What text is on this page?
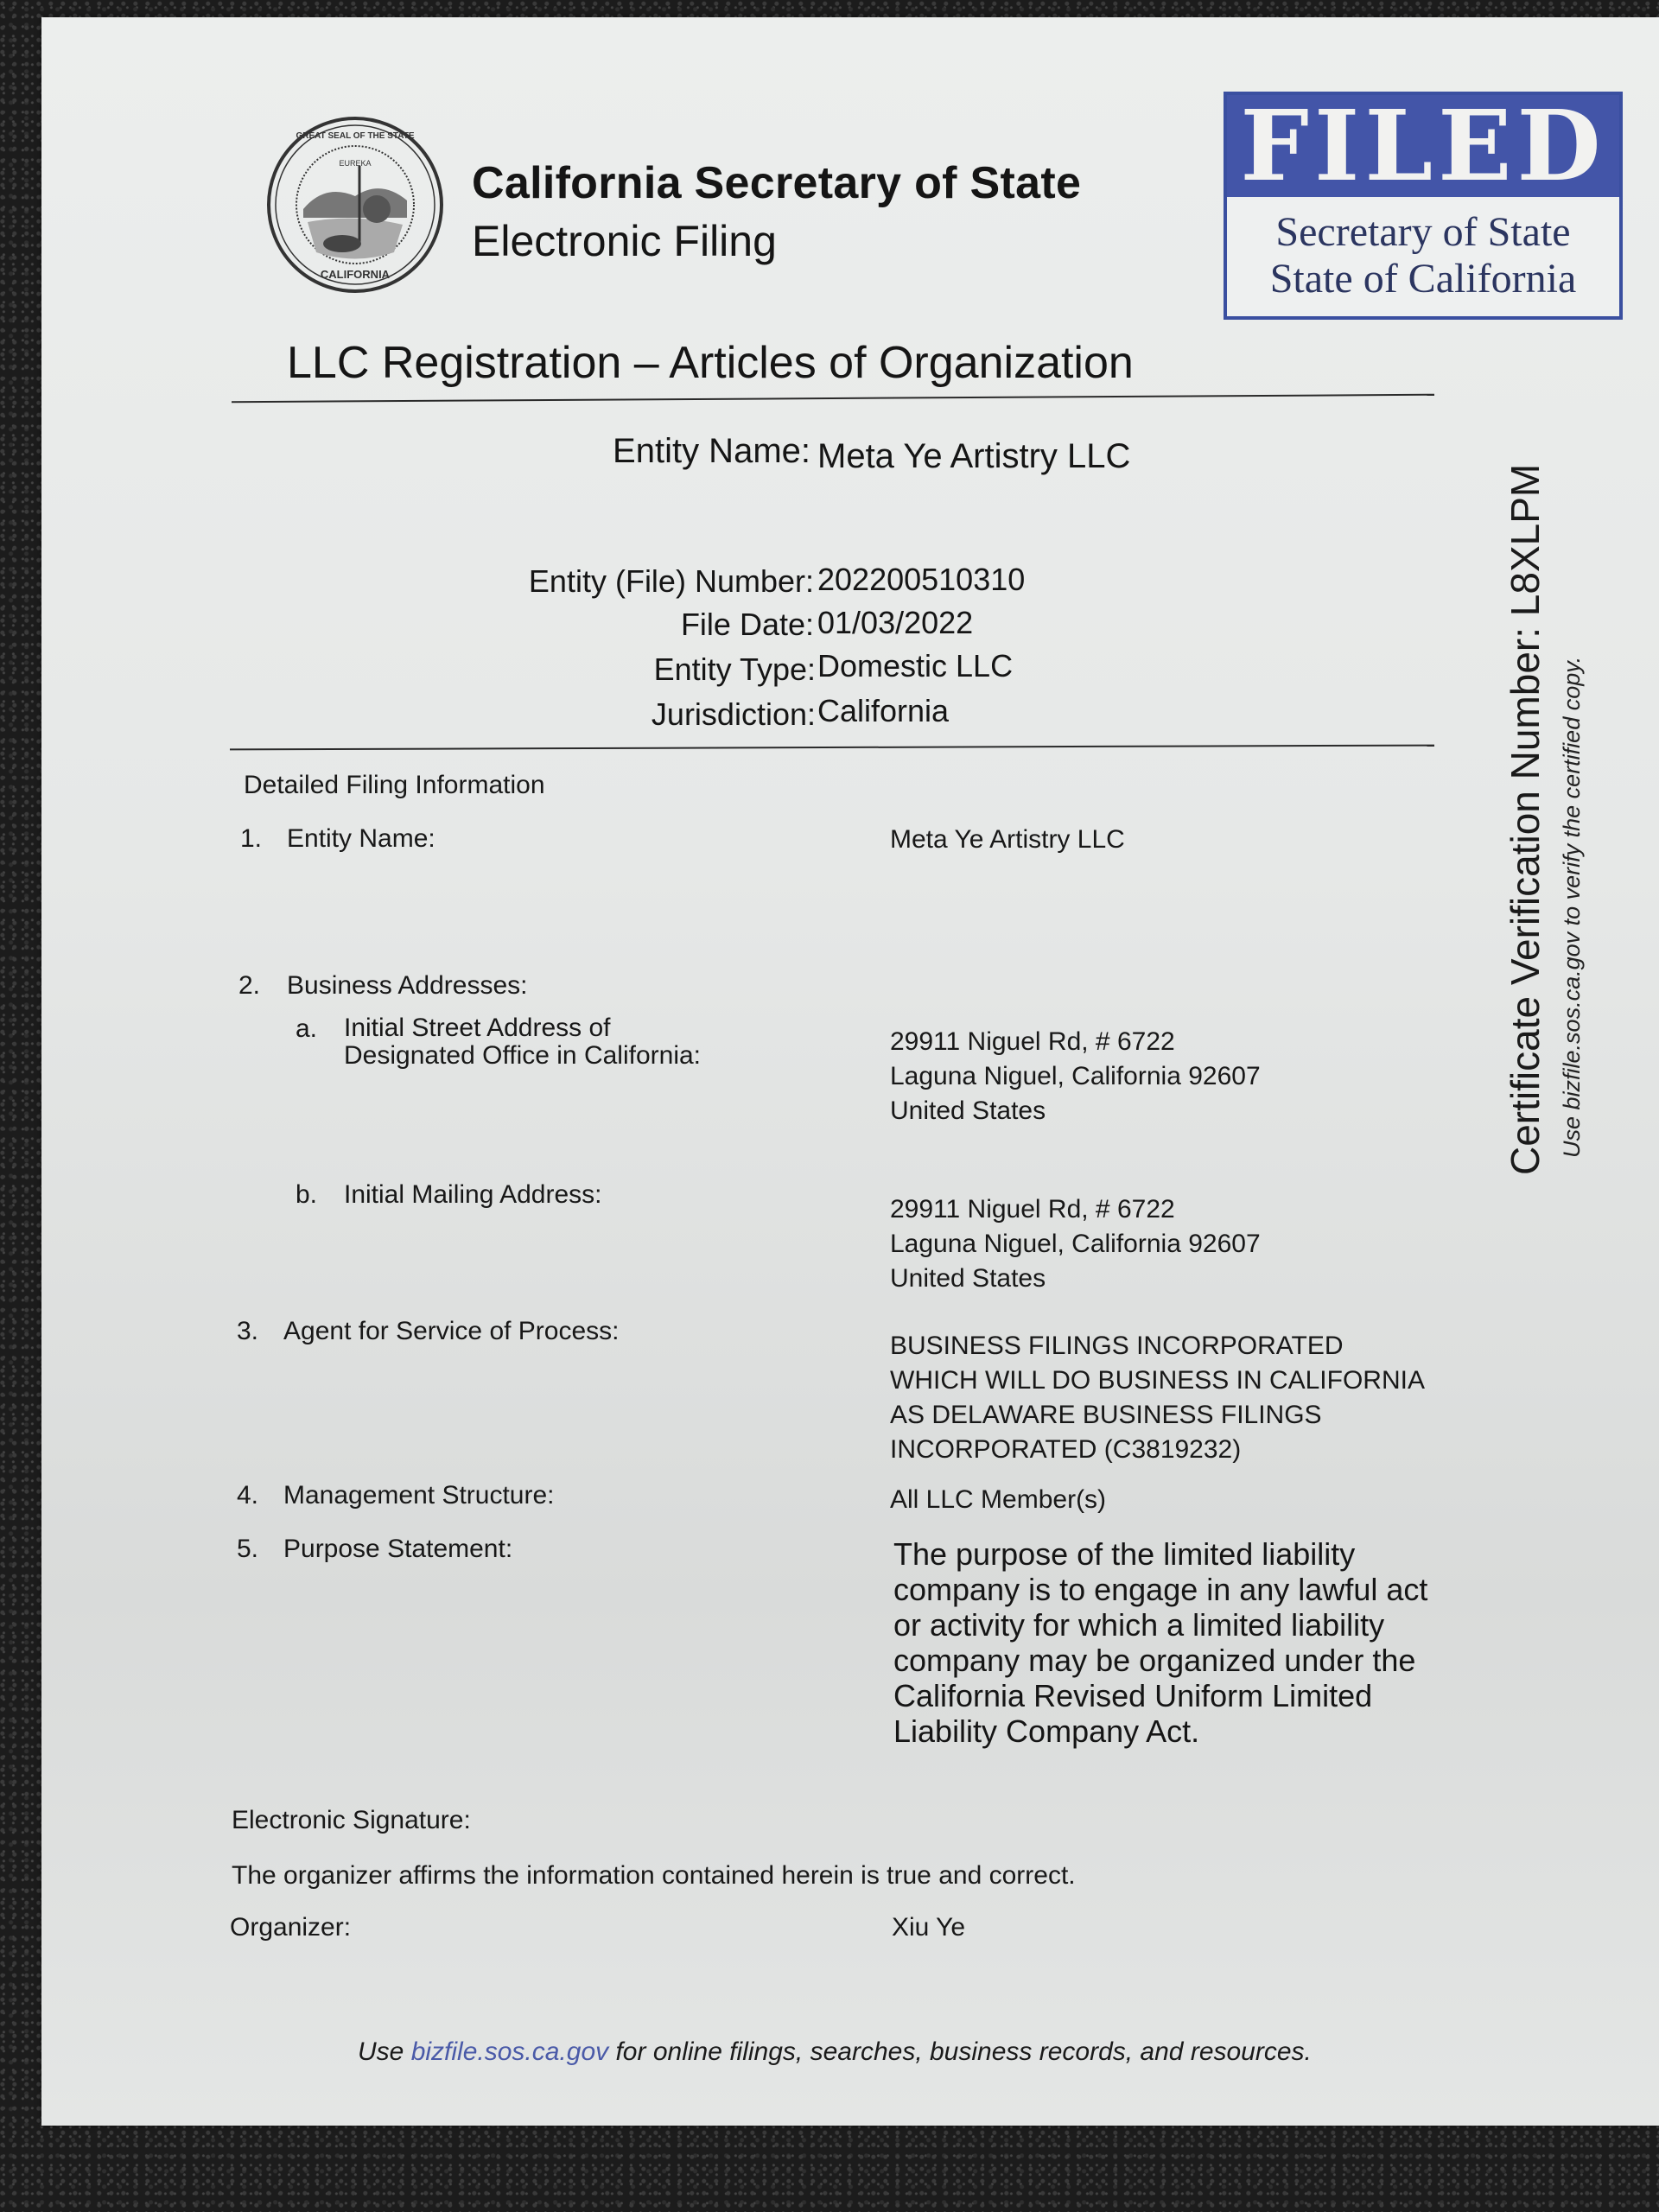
EUREKA
CALIFORNIA
GREAT SEAL OF THE STATE
California Secretary of State
Electronic Filing
FILED
Secretary of State
State of California
LLC Registration – Articles of Organization
Entity Name: Meta Ye Artistry LLC
Entity (File) Number: 202200510310
File Date: 01/03/2022
Entity Type: Domestic LLC
Jurisdiction: California
Detailed Filing Information
1. Entity Name:	Meta Ye Artistry LLC
2. Business Addresses:
a. Initial Street Address of
Designated Office in California:	29911 Niguel Rd, # 6722
Laguna Niguel, California 92607
United States
b. Initial Mailing Address:
29911 Niguel Rd, # 6722
Laguna Niguel, California 92607
United States
3. Agent for Service of Process:
BUSINESS FILINGS INCORPORATED
WHICH WILL DO BUSINESS IN CALIFORNIA
AS DELAWARE BUSINESS FILINGS
INCORPORATED (C3819232)
4. Management Structure:	All LLC Member(s)
5. Purpose Statement:	The purpose of the limited liability
company is to engage in any lawful act
or activity for which a limited liability
company may be organized under the
California Revised Uniform Limited
Liability Company Act.
Electronic Signature:
The organizer affirms the information contained herein is true and correct.
Organizer:	Xiu Ye
Certificate Verification Number: L8XLPM Use bizfile.sos.ca.gov to verify the certified copy.
Use bizfile.sos.ca.gov for online filings, searches, business records, and resources.
